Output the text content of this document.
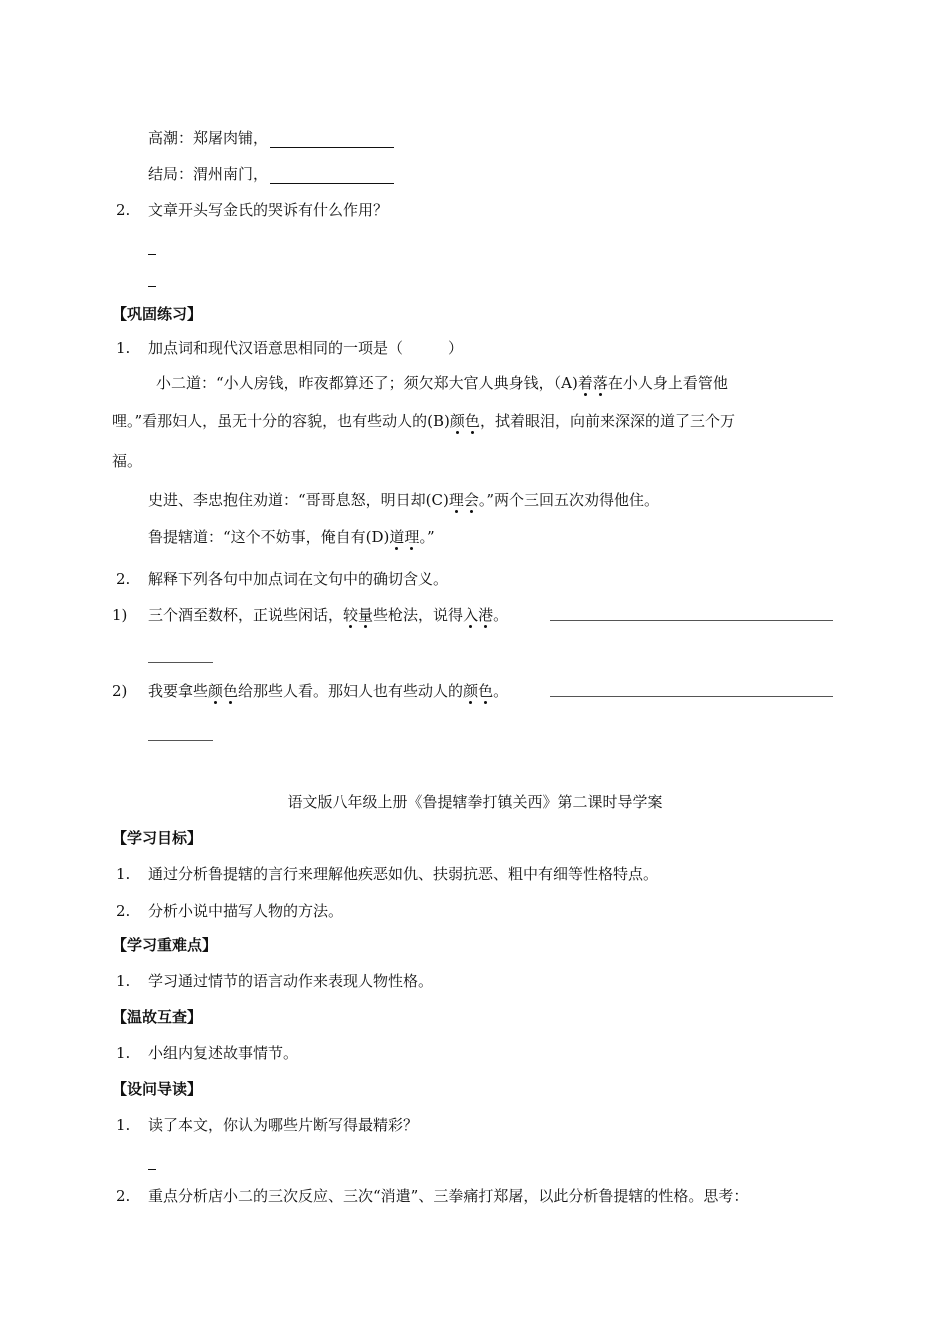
高潮：郑屠肉铺，
结局：渭州南门，
2. 文章开头写金氏的哭诉有什么作用？
【巩固练习】
1. 加点词和现代汉语意思相同的一项是（　　　）
小二道：“小人房钱，昨夜都算还了；须欠郑大官人典身钱，（A)着落在小人身上看管他
哩。”看那妇人，虽无十分的容貌，也有些动人的(B)颜色，拭着眼泪，向前来深深的道了三个万
福。
史进、李忠抱住劝道：“哥哥息怒，明日却(C)理会。”两个三回五次劝得他住。
鲁提辖道：“这个不妨事，俺自有(D)道理。”
2. 解释下列各句中加点词在文句中的确切含义。
1) 三个酒至数杯，正说些闲话，较量些枪法，说得入港。
2) 我要拿些颜色给那些人看。那妇人也有些动人的颜色。
语文版八年级上册《鲁提辖拳打镇关西》第二课时导学案
【学习目标】
1. 通过分析鲁提辖的言行来理解他疾恶如仇、扶弱抗恶、粗中有细等性格特点。
2. 分析小说中描写人物的方法。
【学习重难点】
1. 学习通过情节的语言动作来表现人物性格。
【温故互查】
1. 小组内复述故事情节。
【设问导读】
1. 读了本文，你认为哪些片断写得最精彩？
2. 重点分析店小二的三次反应、三次“消遣”、三拳痛打郑屠，以此分析鲁提辖的性格。思考：
